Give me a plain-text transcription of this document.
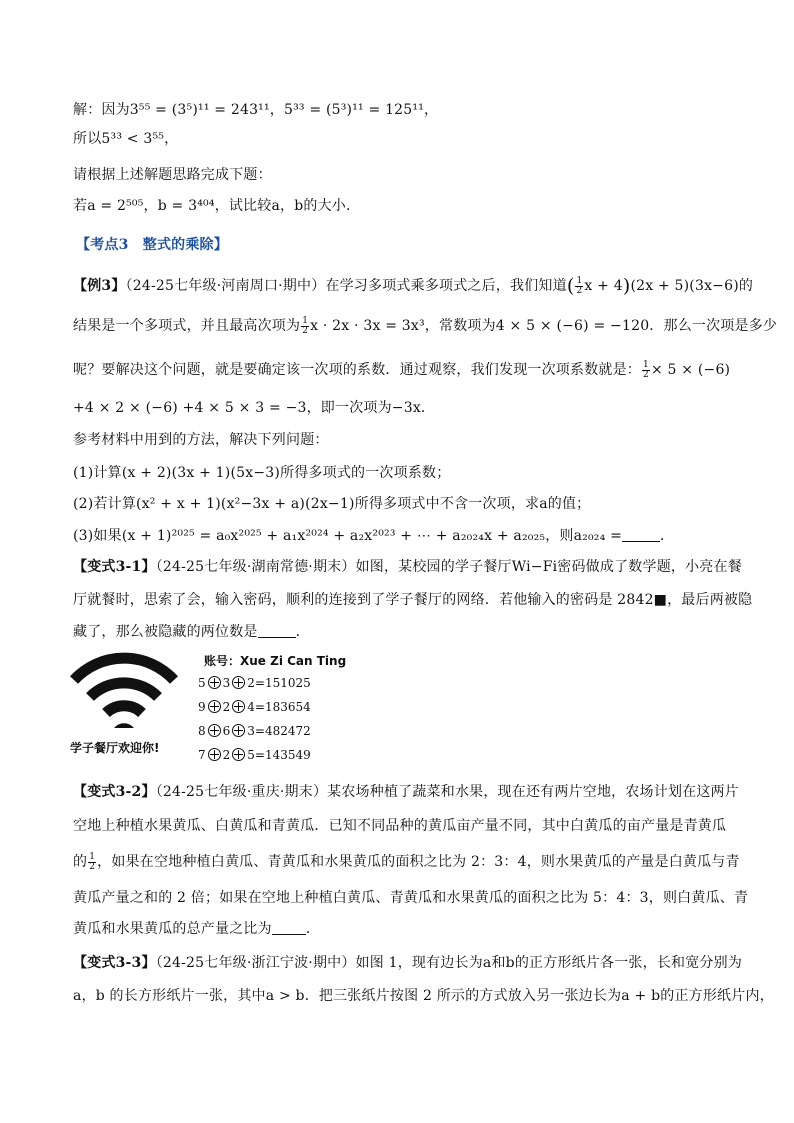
解：因为3⁵⁵ = (3⁵)¹¹ = 243¹¹，5³³ = (5³)¹¹ = 125¹¹，
所以5³³ < 3⁵⁵，
请根据上述解题思路完成下题：
若a = 2⁵⁰⁵，b = 3⁴⁰⁴，试比较a，b的大小．
【考点3　整式的乘除】
【例3】（24-25七年级·河南周口·期中）在学习多项式乘多项式之后，我们知道( $\frac{1}{2}$ x + 4)(2x + 5)(3x−6)的
结果是一个多项式，并且最高次项为 $\frac{1}{2}$ x · 2x · 3x = 3x³，常数项为4 × 5 × (−6) = −120．那么一次项是多少
呢？要解决这个问题，就是要确定该一次项的系数．通过观察，我们发现一次项系数就是： $\frac{1}{2} \times 5 \times (-6)$
+4 × 2 × (−6) +4 × 5 × 3 = −3，即一次项为−3x．
参考材料中用到的方法，解决下列问题：
(1)计算(x + 2)(3x + 1)(5x−3)所得多项式的一次项系数；
(2)若计算(x² + x + 1)(x²−3x + a)(2x−1)所得多项式中不含一次项，求a的值；
(3)如果(x + 1)²⁰²⁵ = a₀x²⁰²⁵ + a₁x²⁰²⁴ + a₂x²⁰²³ + ⋯ + a₂₀₂₄x + a₂₀₂₅，则a₂₀₂₄ =	．
【变式3-1】（24-25七年级·湖南常德·期末）如图，某校园的学子餐厅Wi−Fi密码做成了数学题，小亮在餐
厅就餐时，思索了会，输入密码，顺利的连接到了学子餐厅的网络．若他输入的密码是 2842■，最后两被隐
藏了，那么被隐藏的两位数是	．
学子餐厅欢迎你!
账号：Xue Zi Can Ting
5 3 2=151025
9 2 4=183654
8 6 3=482472
7 2 5=143549
【变式3-2】（24-25七年级·重庆·期末）某农场种植了蔬菜和水果，现在还有两片空地，农场计划在这两片
空地上种植水果黄瓜、白黄瓜和青黄瓜．已知不同品种的黄瓜亩产量不同，其中白黄瓜的亩产量是青黄瓜
的 $\frac{1}{2}$ ，如果在空地种植白黄瓜、青黄瓜和水果黄瓜的面积之比为 2：3：4，则水果黄瓜的产量是白黄瓜与青
黄瓜产量之和的 2 倍；如果在空地上种植白黄瓜、青黄瓜和水果黄瓜的面积之比为 5：4：3，则白黄瓜、青
黄瓜和水果黄瓜的总产量之比为 ．
【变式3-3】（24-25七年级·浙江宁波·期中）如图 1，现有边长为a和b的正方形纸片各一张，长和宽分别为
a，b 的长方形纸片一张，其中a > b．把三张纸片按图 2 所示的方式放入另一张边长为a + b的正方形纸片内，
